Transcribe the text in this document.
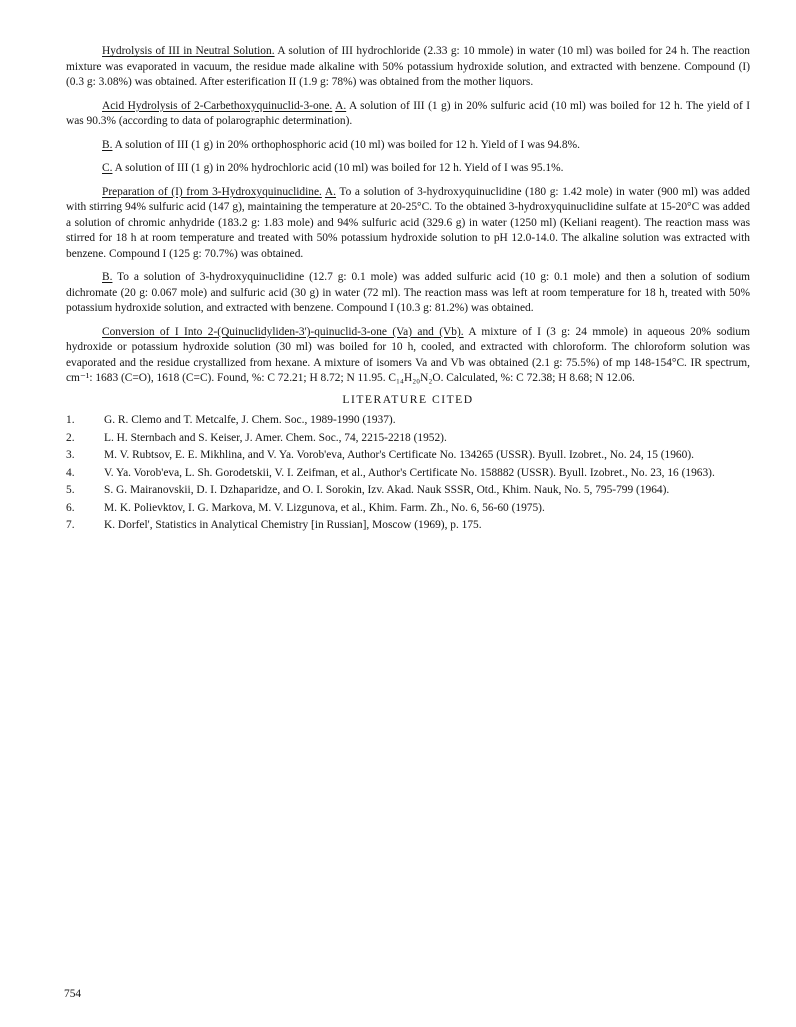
Hydrolysis of III in Neutral Solution. A solution of III hydrochloride (2.33 g: 10 mmole) in water (10 ml) was boiled for 24 h. The reaction mixture was evaporated in vacuum, the residue made alkaline with 50% potassium hydroxide solution, and extracted with benzene. Compound (I) (0.3 g: 3.08%) was obtained. After esterification II (1.9 g: 78%) was obtained from the mother liquors.

Acid Hydrolysis of 2-Carbethoxyquinuclid-3-one. A. A solution of III (1 g) in 20% sulfuric acid (10 ml) was boiled for 12 h. The yield of I was 90.3% (according to data of polarographic determination).

B. A solution of III (1 g) in 20% orthophosphoric acid (10 ml) was boiled for 12 h. Yield of I was 94.8%.

C. A solution of III (1 g) in 20% hydrochloric acid (10 ml) was boiled for 12 h. Yield of I was 95.1%.

Preparation of (I) from 3-Hydroxyquinuclidine. A. To a solution of 3-hydroxyquinuclidine (180 g: 1.42 mole) in water (900 ml) was added with stirring 94% sulfuric acid (147 g), maintaining the temperature at 20-25°C. To the obtained 3-hydroxyquinuclidine sulfate at 15-20°C was added a solution of chromic anhydride (183.2 g: 1.83 mole) and 94% sulfuric acid (329.6 g) in water (1250 ml) (Keliani reagent). The reaction mass was stirred for 18 h at room temperature and treated with 50% potassium hydroxide solution to pH 12.0-14.0. The alkaline solution was extracted with benzene. Compound I (125 g: 70.7%) was obtained.

B. To a solution of 3-hydroxyquinuclidine (12.7 g: 0.1 mole) was added sulfuric acid (10 g: 0.1 mole) and then a solution of sodium dichromate (20 g: 0.067 mole) and sulfuric acid (30 g) in water (72 ml). The reaction mass was left at room temperature for 18 h, treated with 50% potassium hydroxide solution, and extracted with benzene. Compound I (10.3 g: 81.2%) was obtained.

Conversion of I Into 2-(Quinuclidyliden-3')-quinuclid-3-one (Va) and (Vb). A mixture of I (3 g: 24 mmole) in aqueous 20% sodium hydroxide or potassium hydroxide solution (30 ml) was boiled for 10 h, cooled, and extracted with chloroform. The chloroform solution was evaporated and the residue crystallized from hexane. A mixture of isomers Va and Vb was obtained (2.1 g: 75.5%) of mp 148-154°C. IR spectrum, cm⁻¹: 1683 (C=O), 1618 (C=C). Found, %: C 72.21; H 8.72; N 11.95. C₁₄H₂₀N₂O. Calculated, %: C 72.38; H 8.68; N 12.06.

LITERATURE CITED
1.	G. R. Clemo and T. Metcalfe, J. Chem. Soc., 1989-1990 (1937).
2.	L. H. Sternbach and S. Keiser, J. Amer. Chem. Soc., 74, 2215-2218 (1952).
3.	M. V. Rubtsov, E. E. Mikhlina, and V. Ya. Vorob'eva, Author's Certificate No. 134265 (USSR). Byull. Izobret., No. 24, 15 (1960).
4.	V. Ya. Vorob'eva, L. Sh. Gorodetskii, V. I. Zeifman, et al., Author's Certificate No. 158882 (USSR). Byull. Izobret., No. 23, 16 (1963).
5.	S. G. Mairanovskii, D. I. Dzhaparidze, and O. I. Sorokin, Izv. Akad. Nauk SSSR, Otd., Khim. Nauk, No. 5, 795-799 (1964).
6.	M. K. Polievktov, I. G. Markova, M. V. Lizgunova, et al., Khim. Farm. Zh., No. 6, 56-60 (1975).
7.	K. Dorfel', Statistics in Analytical Chemistry [in Russian], Moscow (1969), p. 175.
754
